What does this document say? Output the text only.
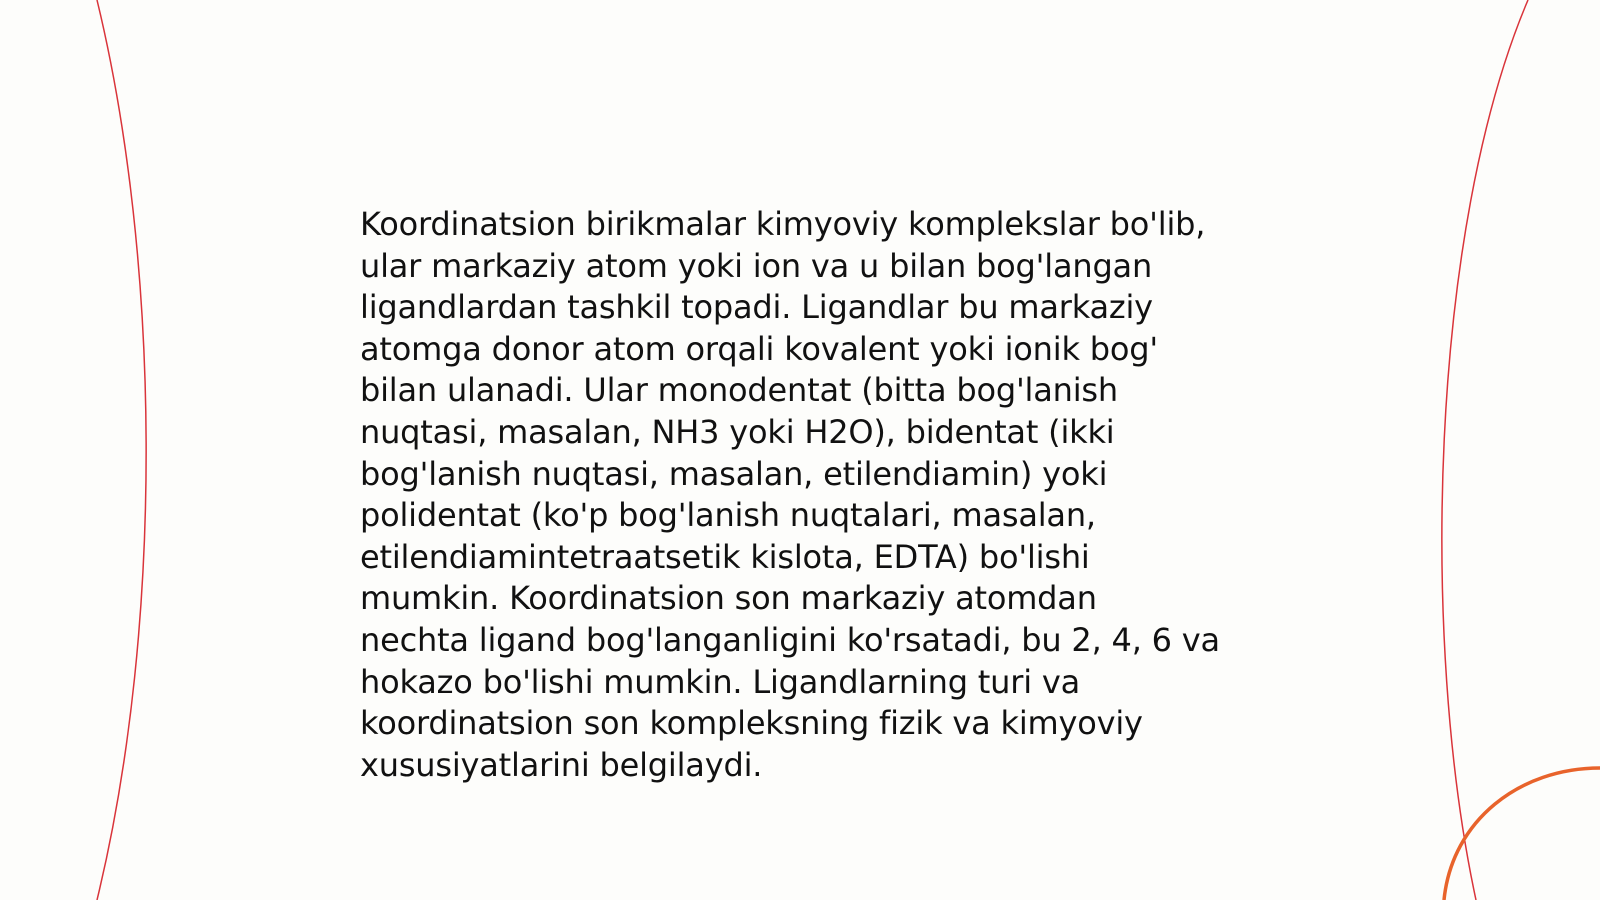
Koordinatsion birikmalar kimyoviy komplekslar bo'lib,
ular markaziy atom yoki ion va u bilan bog'langan
ligandlardan tashkil topadi. Ligandlar bu markaziy
atomga donor atom orqali kovalent yoki ionik bog'
bilan ulanadi. Ular monodentat (bitta bog'lanish
nuqtasi, masalan, NH3 yoki H2O), bidentat (ikki
bog'lanish nuqtasi, masalan, etilendiamin) yoki
polidentat (ko'p bog'lanish nuqtalari, masalan,
etilendiamintetraatsetik kislota, EDTA) bo'lishi
mumkin. Koordinatsion son markaziy atomdan
nechta ligand bog'langanligini ko'rsatadi, bu 2, 4, 6 va
hokazo bo'lishi mumkin. Ligandlarning turi va
koordinatsion son kompleksning fizik va kimyoviy
xususiyatlarini belgilaydi.
